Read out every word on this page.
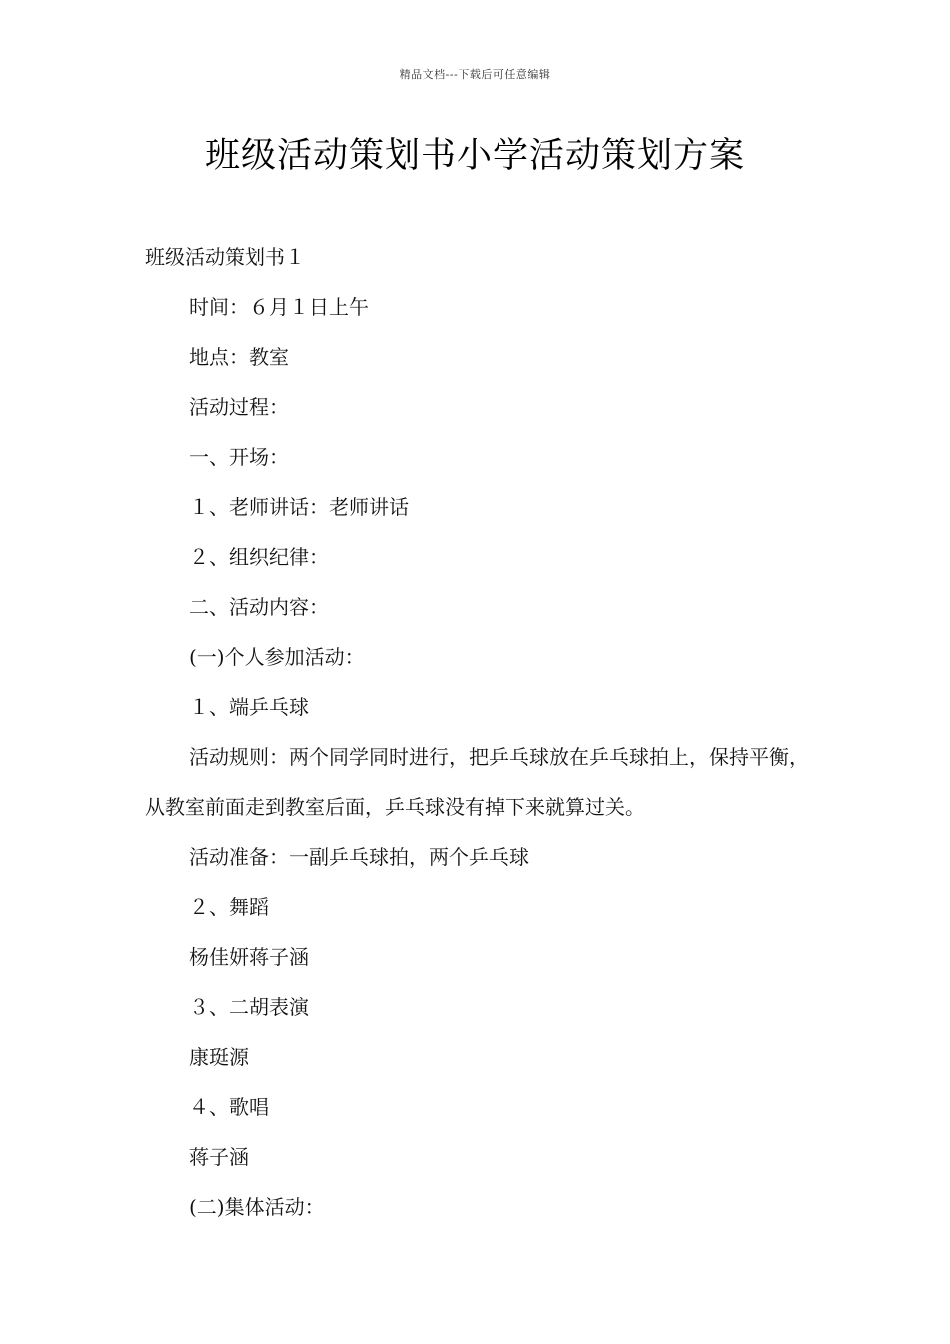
精品文档---下载后可任意编辑
班级活动策划书小学活动策划方案

班级活动策划书１

时间：６月１日上午

地点：教室

活动过程：

一、开场：

１、老师讲话：老师讲话

２、组织纪律：

二、活动内容：

(一)个人参加活动：

１、端乒乓球

活动规则：两个同学同时进行，把乒乓球放在乒乓球拍上，保持平衡，从教室前面走到教室后面，乒乓球没有掉下来就算过关。

活动准备：一副乒乓球拍，两个乒乓球

２、舞蹈

杨佳妍蒋子涵

３、二胡表演

康珽源

４、歌唱

蒋子涵

(二)集体活动：
